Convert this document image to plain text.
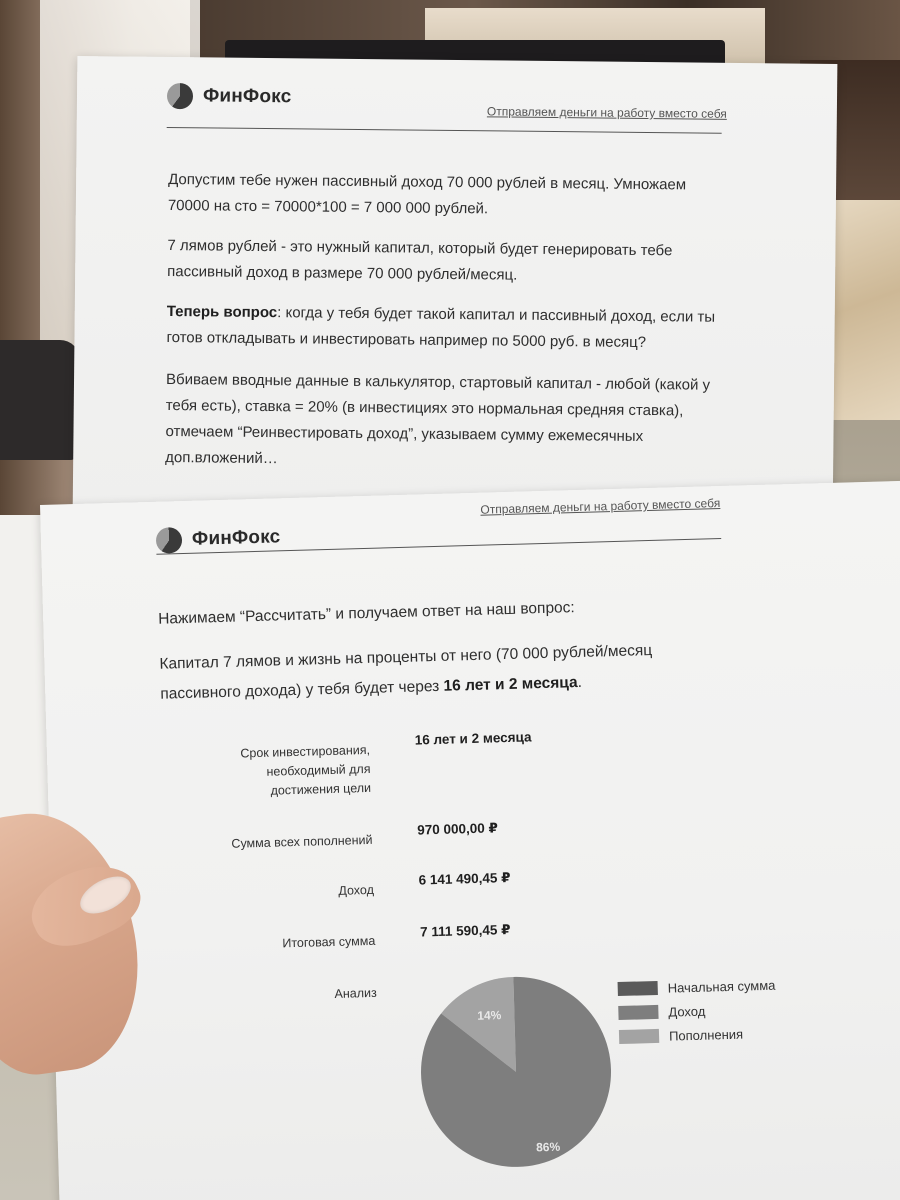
ФинФокс
Отправляем деньги на работу вместо себя

Допустим тебе нужен пассивный доход 70 000 рублей в месяц. Умножаем 70000 на сто = 70000*100 = 7 000 000 рублей.

7 лямов рублей - это нужный капитал, который будет генерировать тебе пассивный доход в размере 70 000 рублей/месяц.

Теперь вопрос: когда у тебя будет такой капитал и пассивный доход, если ты готов откладывать и инвестировать например по 5000 руб. в месяц?

Вбиваем вводные данные в калькулятор, стартовый капитал - любой (какой у тебя есть), ставка = 20% (в инвестициях это нормальная средняя ставка), отмечаем “Реинвестировать доход”, указываем сумму ежемесячных доп.вложений…

ФинФокс
Отправляем деньги на работу вместо себя

Нажимаем “Рассчитать” и получаем ответ на наш вопрос:

Капитал 7 лямов и жизнь на проценты от него (70 000 рублей/месяц пассивного дохода) у тебя будет через 16 лет и 2 месяца.

Срок инвестирования, необходимый для достижения цели
16 лет и 2 месяца
Сумма всех пополнений
970 000,00 ₽
Доход
6 141 490,45 ₽
Итоговая сумма
7 111 590,45 ₽
Анализ
14%
86%
Начальная сумма
Доход
Пополнения
